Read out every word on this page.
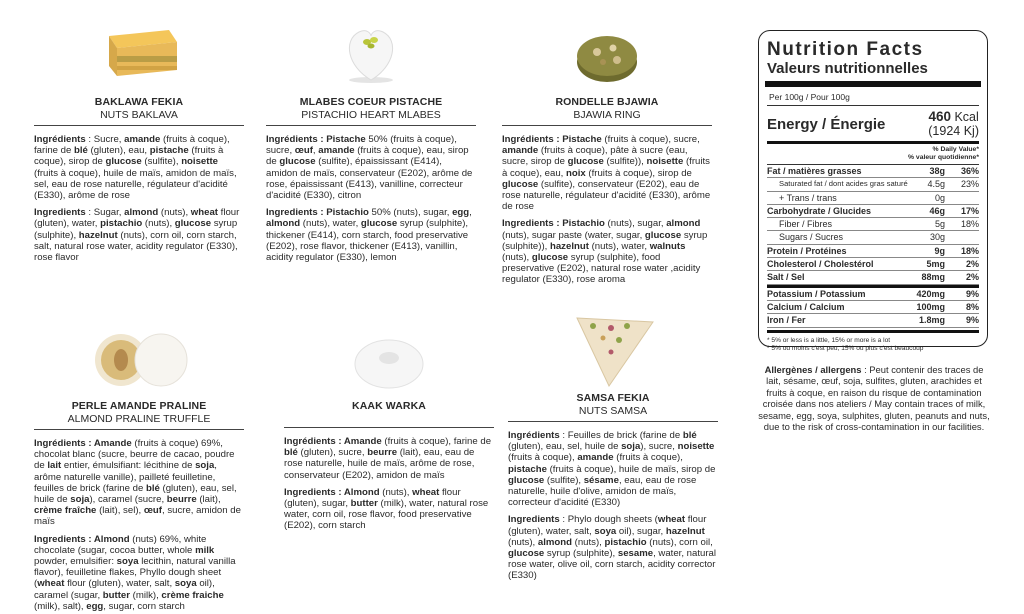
BAKLAWA FEKIA
NUTS BAKLAVA
Ingrédients : Sucre, amande (fruits à coque), farine de blé (gluten), eau, pistache (fruits à coque), sirop de glucose (sulfite), noisette (fruits à coque), huile de maïs, amidon de maïs, sel, eau de rose naturelle, régulateur d'acidité (E330), arôme de rose
Ingredients : Sugar, almond (nuts), wheat flour (gluten), water, pistachio (nuts), glucose syrup (sulphite), hazelnut (nuts), corn oil, corn starch, salt, natural rose water, acidity regulator (E330), rose flavor
MLABES COEUR PISTACHE
PISTACHIO HEART MLABES
Ingrédients : Pistache 50% (fruits à coque), sucre, œuf, amande (fruits à coque), eau, sirop de glucose (sulfite), épaississant (E414), amidon de maïs, conservateur (E202), arôme de rose, épaississant (E413), vanilline, correcteur d'acidité (E330), citron
Ingredients : Pistachio 50% (nuts), sugar, egg, almond (nuts), water, glucose syrup (sulphite), thickener (E414), corn starch, food preservative (E202), rose flavor, thickener (E413), vanillin, acidity regulator (E330), lemon
RONDELLE BJAWIA
BJAWIA RING
Ingrédients : Pistache (fruits à coque), sucre, amande (fruits à coque), pâte à sucre (eau, sucre, sirop de glucose (sulfite)), noisette (fruits à coque), eau, noix (fruits à coque), sirop de glucose (sulfite), conservateur (E202), eau de rose naturelle, régulateur d'acidité (E330), arôme de rose
Ingredients : Pistachio (nuts), sugar, almond (nuts), sugar paste (water, sugar, glucose syrup (sulphite)), hazelnut (nuts), water, walnuts (nuts), glucose syrup (sulphite), food preservative (E202), natural rose water ,acidity regulator (E330), rose aroma
PERLE AMANDE PRALINE
ALMOND PRALINE TRUFFLE
Ingrédients : Amande (fruits à coque) 69%, chocolat blanc (sucre, beurre de cacao, poudre de lait entier, émulsifiant: lécithine de soja, arôme naturelle vanille), pailleté feuilletine, feuilles de brick (farine de blé (gluten), eau, sel, huile de soja), caramel (sucre, beurre (lait), crème fraîche (lait), sel), œuf, sucre, amidon de maïs
Ingredients : Almond (nuts) 69%, white chocolate (sugar, cocoa butter, whole milk powder, emulsifier: soya lecithin, natural vanilla flavor), feuilletine flakes, Phyllo dough sheet (wheat flour (gluten), water, salt, soya oil), caramel (sugar, butter (milk), crème fraiche (milk), salt), egg, sugar, corn starch
KAAK WARKA
Ingrédients : Amande (fruits à coque), farine de blé (gluten), sucre, beurre (lait), eau, eau de rose naturelle, huile de maïs, arôme de rose, conservateur (E202), amidon de maïs
Ingredients : Almond (nuts), wheat flour (gluten), sugar, butter (milk), water, natural rose water, corn oil, rose flavor, food preservative (E202), corn starch
SAMSA FEKIA
NUTS SAMSA
Ingrédients : Feuilles de brick (farine de blé (gluten), eau, sel, huile de soja), sucre, noisette (fruits à coque), amande (fruits à coque), pistache (fruits à coque), huile de maïs, sirop de glucose (sulfite), sésame, eau, eau de rose naturelle, huile d'olive, amidon de maïs, correcteur d'acidité (E330)
Ingredients : Phylo dough sheets (wheat flour (gluten), water, salt, soya oil), sugar, hazelnut (nuts), almond (nuts), pistachio (nuts), corn oil, glucose syrup (sulphite), sesame, water, natural rose water, olive oil, corn starch, acidity corrector (E330)
Nutrition Facts
Valeurs nutritionnelles
Per 100g / Pour 100g
Energy / Énergie	460 Kcal
(1924 Kj)
% Daily Value*
% valeur quotidienne*
Fat / matières grasses	38g	36%
Saturated fat / dont acides gras saturé	4.5g	23%
+ Trans / trans	0g
Carbohydrate / Glucides	46g	17%
Fiber / Fibres	5g	18%
Sugars / Sucres	30g
Protein / Protéines	9g	18%
Cholesterol / Cholestérol	5mg	2%
Salt / Sel	88mg	2%
Potassium / Potassium	420mg	9%
Calcium / Calcium	100mg	8%
Iron / Fer	1.8mg	9%
* 5% or less is a little, 15% or more is a lot
* 5% ou moins c'est peu, 15% ou plus c'est beaucoup
Allergènes / allergens : Peut contenir des traces de lait, sésame, œuf, soja, sulfites, gluten, arachides et fruits à coque, en raison du risque de contamination croisée dans nos ateliers / May contain traces of milk, sesame, egg, soya, sulphites, gluten, peanuts and nuts, due to the risk of cross-contamination in our facilities.
